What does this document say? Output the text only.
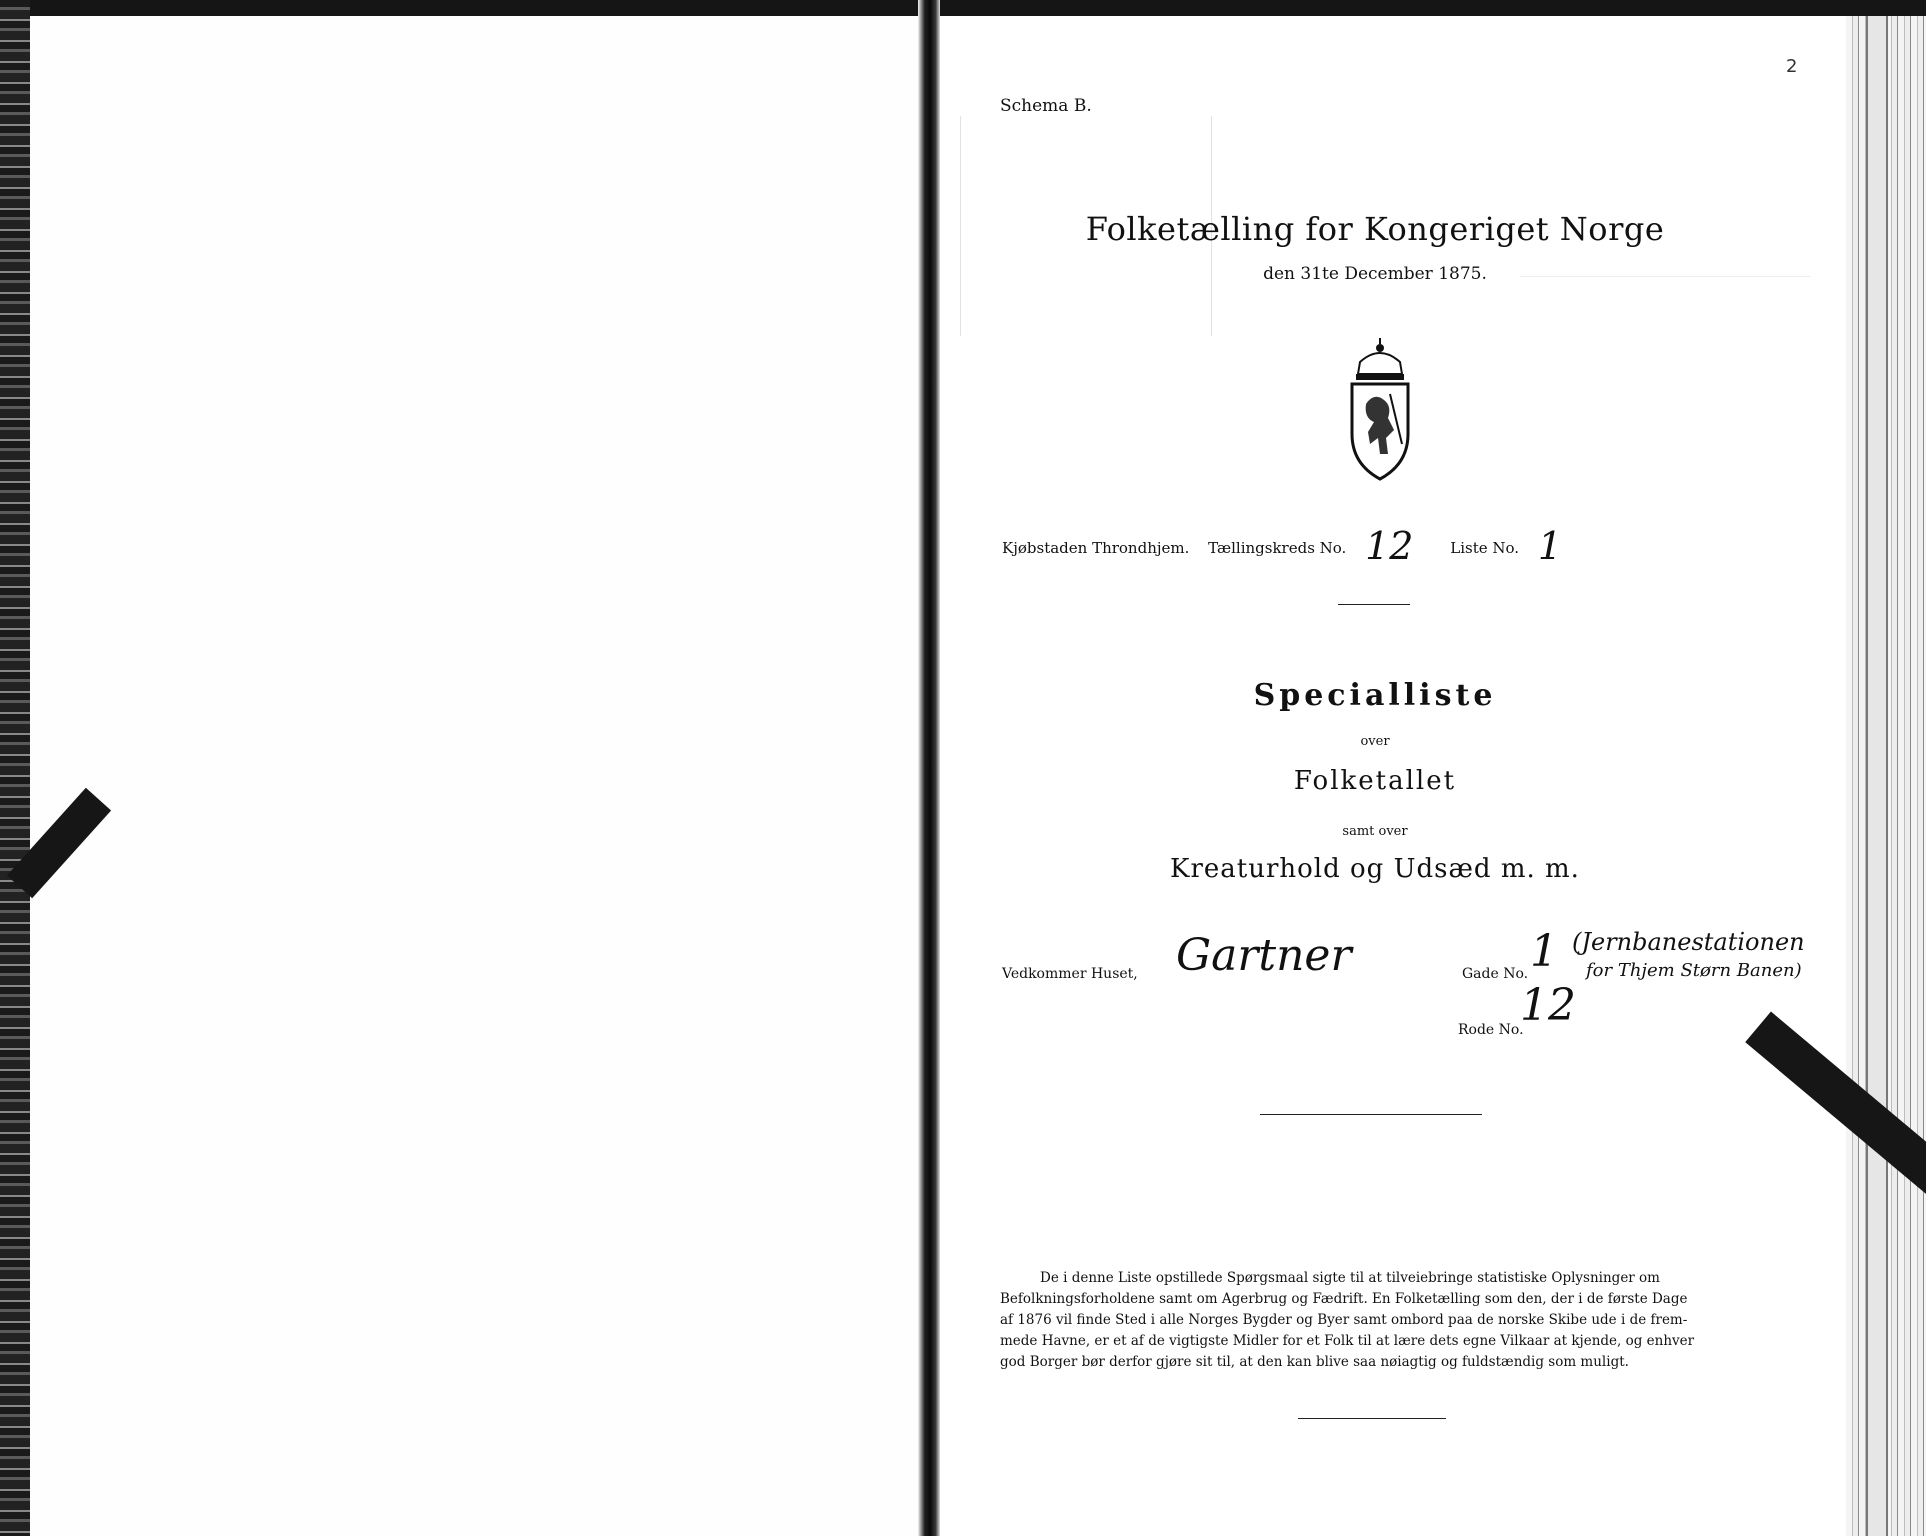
2
Schema B.
Folketælling for Kongeriget Norge
den 31te December 1875.
Kjøbstaden Throndhjem. Tællingskreds No. 12 Liste No. 1
Specialliste
over
Folketallet
samt over
Kreaturhold og Udsæd m. m.
Vedkommer Huset, Gartner	Gade No. 1 (Jernbanestationen
for Thjem Størn Banen)
Rode No.
12
De i denne Liste opstillede Spørgsmaal sigte til at tilveiebringe statistiske Oplysninger om
Befolkningsforholdene samt om Agerbrug og Fædrift. En Folketælling som den, der i de første Dage
af 1876 vil finde Sted i alle Norges Bygder og Byer samt ombord paa de norske Skibe ude i de frem-
mede Havne, er et af de vigtigste Midler for et Folk til at lære dets egne Vilkaar at kjende, og enhver
god Borger bør derfor gjøre sit til, at den kan blive saa nøiagtig og fuldstændig som muligt.
